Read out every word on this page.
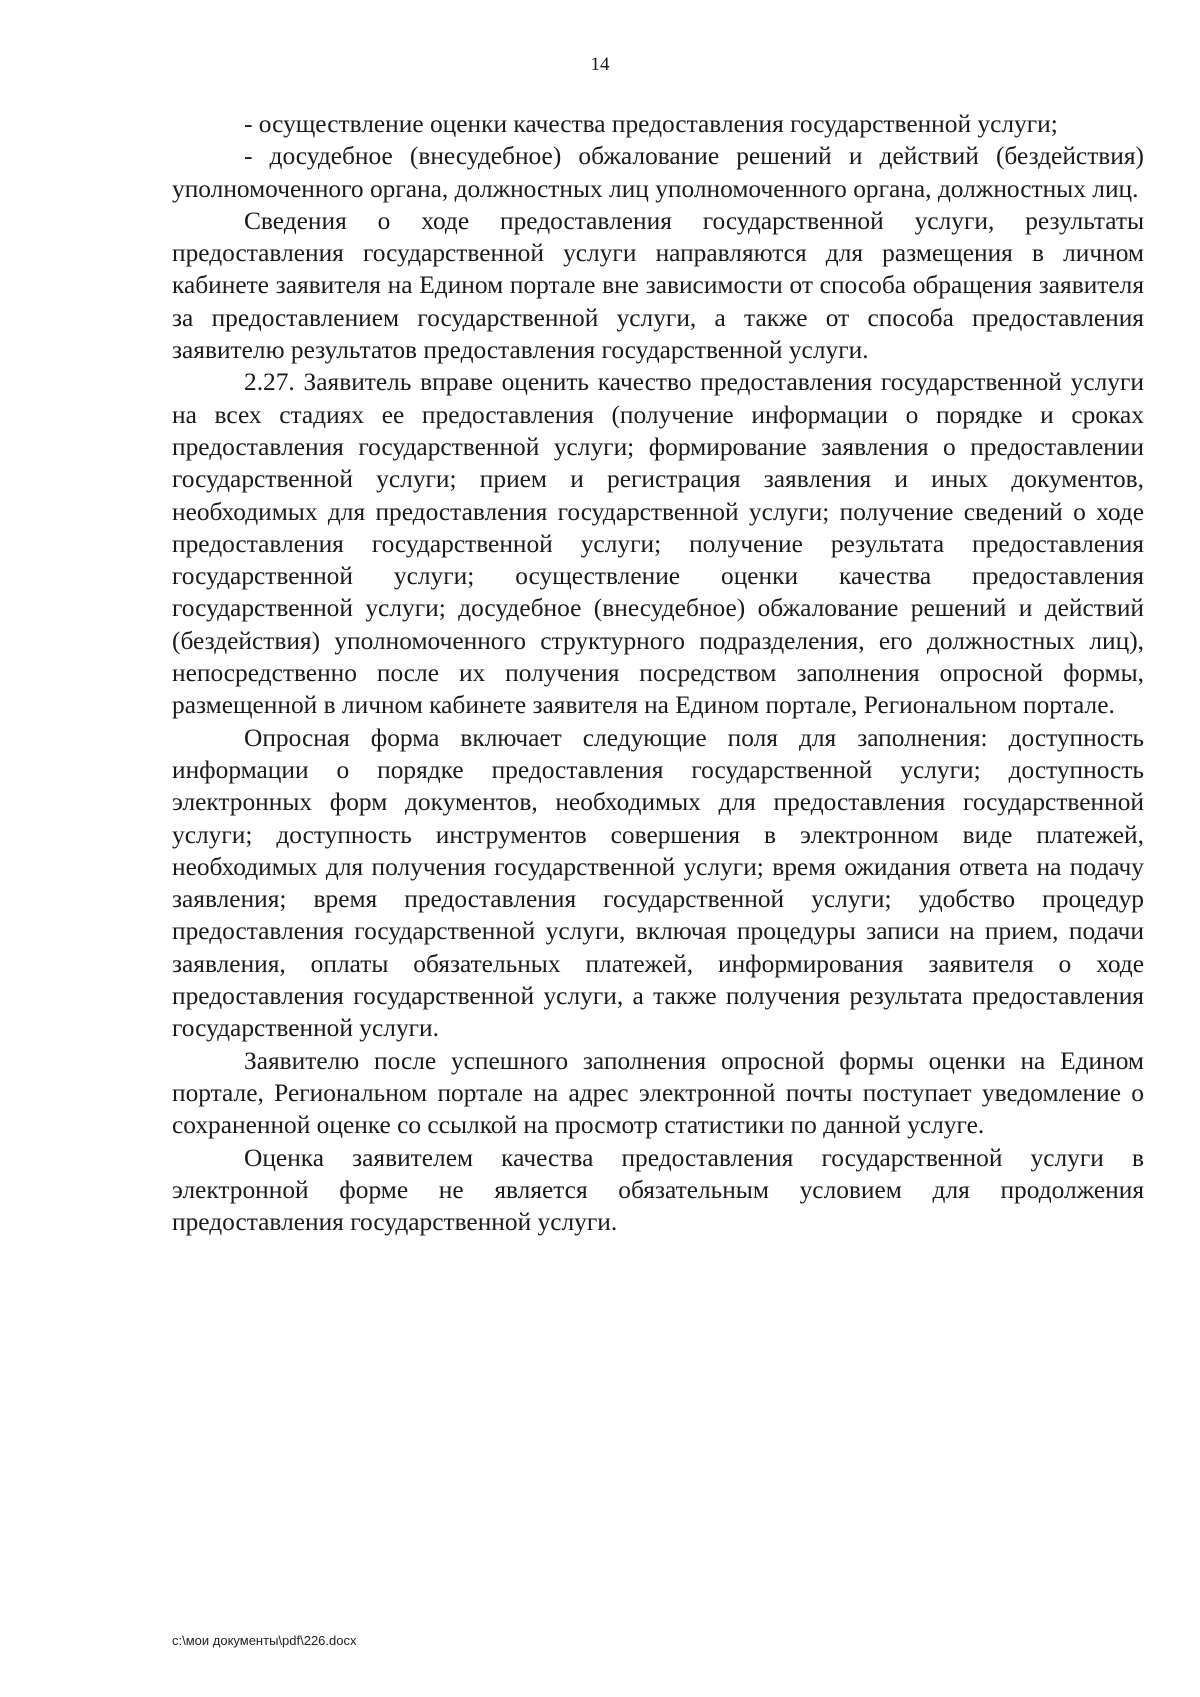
14

- осуществление оценки качества предоставления государственной услуги;

- досудебное (внесудебное) обжалование решений и действий (бездействия) уполномоченного органа, должностных лиц уполномоченного органа, должностных лиц.

Сведения о ходе предоставления государственной услуги, результаты предоставления государственной услуги направляются для размещения в личном кабинете заявителя на Едином портале вне зависимости от способа обращения заявителя за предоставлением государственной услуги, а также от способа предоставления заявителю результатов предоставления государственной услуги.

2.27. Заявитель вправе оценить качество предоставления государственной услуги на всех стадиях ее предоставления (получение информации о порядке и сроках предоставления государственной услуги; формирование заявления о предоставлении государственной услуги; прием и регистрация заявления и иных документов, необходимых для предоставления государственной услуги; получение сведений о ходе предоставления государственной услуги; получение результата предоставления государственной услуги; осуществление оценки качества предоставления государственной услуги; досудебное (внесудебное) обжалование решений и действий (бездействия) уполномоченного структурного подразделения, его должностных лиц), непосредственно после их получения посредством заполнения опросной формы, размещенной в личном кабинете заявителя на Едином портале, Региональном портале.

Опросная форма включает следующие поля для заполнения: доступность информации о порядке предоставления государственной услуги; доступность электронных форм документов, необходимых для предоставления государственной услуги; доступность инструментов совершения в электронном виде платежей, необходимых для получения государственной услуги; время ожидания ответа на подачу заявления; время предоставления государственной услуги; удобство процедур предоставления государственной услуги, включая процедуры записи на прием, подачи заявления, оплаты обязательных платежей, информирования заявителя о ходе предоставления государственной услуги, а также получения результата предоставления государственной услуги.

Заявителю после успешного заполнения опросной формы оценки на Едином портале, Региональном портале на адрес электронной почты поступает уведомление о сохраненной оценке со ссылкой на просмотр статистики по данной услуге.

Оценка заявителем качества предоставления государственной услуги в электронной форме не является обязательным условием для продолжения предоставления государственной услуги.

c:\мои документы\pdf\226.docx
